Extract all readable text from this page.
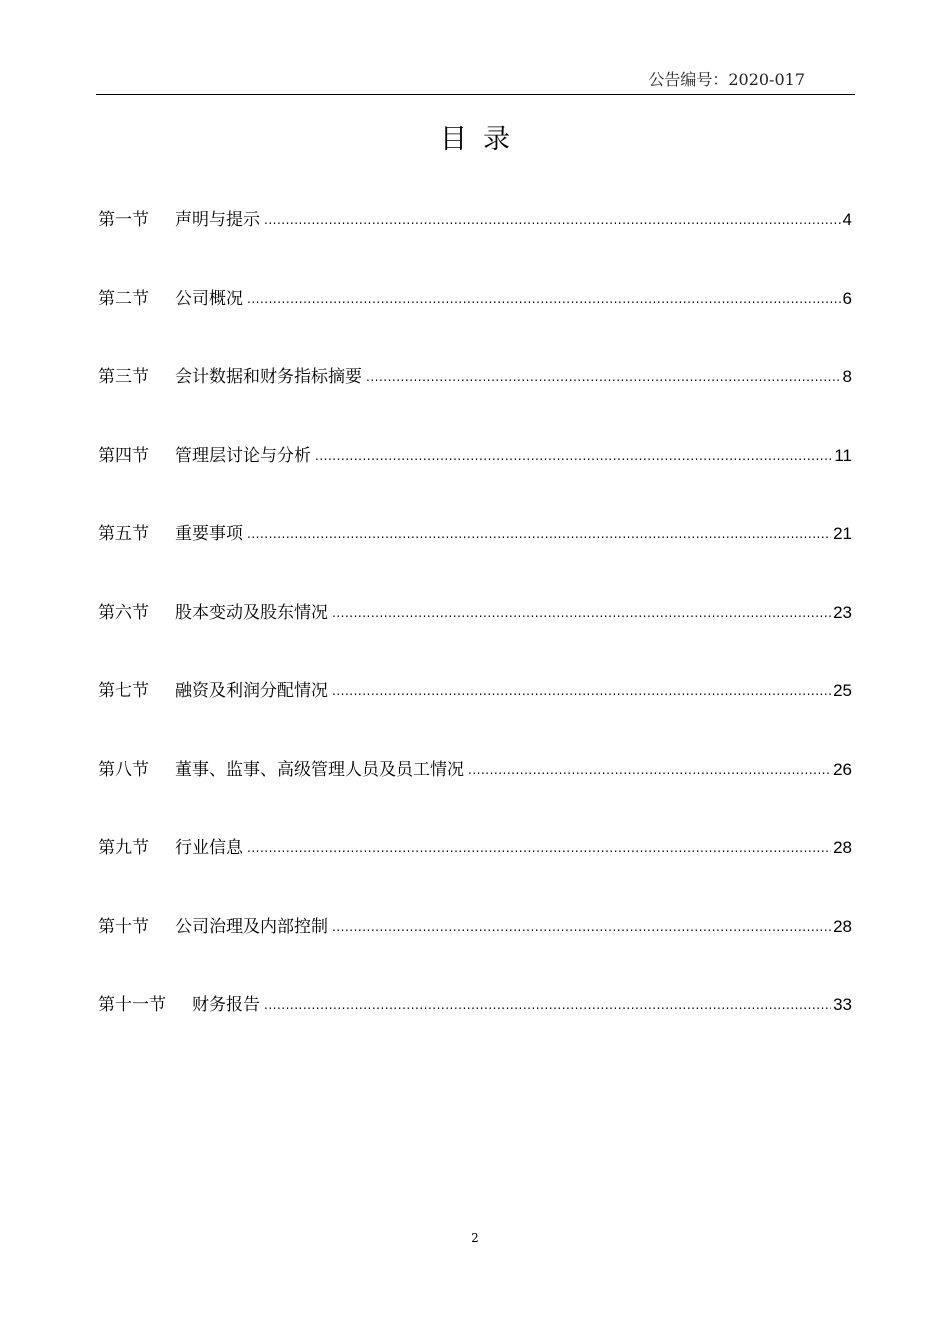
公告编号：2020-017
目录
第一节 声明与提示 .....	4
第二节 公司概况 .....	6
第三节 会计数据和财务指标摘要 .....	8
第四节 管理层讨论与分析 .....	11
第五节 重要事项 .....	21
第六节 股本变动及股东情况 .....	23
第七节 融资及利润分配情况 .....	25
第八节 董事、监事、高级管理人员及员工情况 .....	26
第九节 行业信息 .....	28
第十节 公司治理及内部控制 .....	28
第十一节 财务报告 .....	33
2
